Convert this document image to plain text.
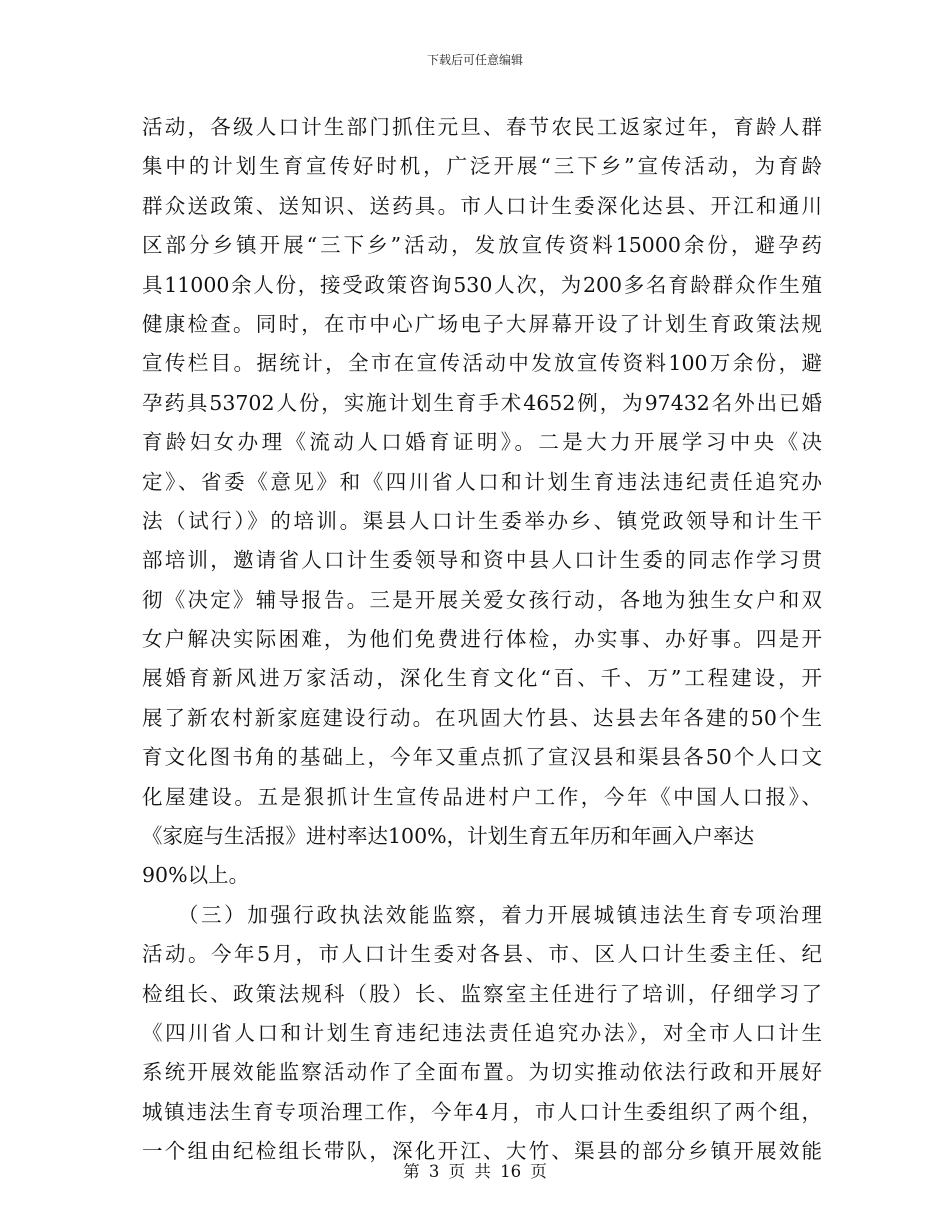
下载后可任意编辑
活动，各级人口计生部门抓住元旦、春节农民工返家过年，育龄人群
集中的计划生育宣传好时机，广泛开展“三下乡”宣传活动，为育龄
群众送政策、送知识、送药具。市人口计生委深化达县、开江和通川
区部分乡镇开展“三下乡”活动，发放宣传资料15000余份，避孕药
具11000余人份，接受政策咨询530人次，为200多名育龄群众作生殖
健康检查。同时，在市中心广场电子大屏幕开设了计划生育政策法规
宣传栏目。据统计，全市在宣传活动中发放宣传资料100万余份，避
孕药具53702人份，实施计划生育手术4652例，为97432名外出已婚
育龄妇女办理《流动人口婚育证明》。二是大力开展学习中央《决
定》、省委《意见》和《四川省人口和计划生育违法违纪责任追究办
法（试行）》的培训。渠县人口计生委举办乡、镇党政领导和计生干
部培训，邀请省人口计生委领导和资中县人口计生委的同志作学习贯
彻《决定》辅导报告。三是开展关爱女孩行动，各地为独生女户和双
女户解决实际困难，为他们免费进行体检，办实事、办好事。四是开
展婚育新风进万家活动，深化生育文化“百、千、万”工程建设，开
展了新农村新家庭建设行动。在巩固大竹县、达县去年各建的50个生
育文化图书角的基础上，今年又重点抓了宣汉县和渠县各50个人口文
化屋建设。五是狠抓计生宣传品进村户工作，今年《中国人口报》、
《家庭与生活报》进村率达100%，计划生育五年历和年画入户率达
90%以上。
　　（三）加强行政执法效能监察，着力开展城镇违法生育专项治理
活动。今年5月，市人口计生委对各县、市、区人口计生委主任、纪
检组长、政策法规科（股）长、监察室主任进行了培训，仔细学习了
《四川省人口和计划生育违纪违法责任追究办法》，对全市人口计生
系统开展效能监察活动作了全面布置。为切实推动依法行政和开展好
城镇违法生育专项治理工作，今年4月，市人口计生委组织了两个组，
一个组由纪检组长带队，深化开江、大竹、渠县的部分乡镇开展效能
第 3 页 共 16 页
